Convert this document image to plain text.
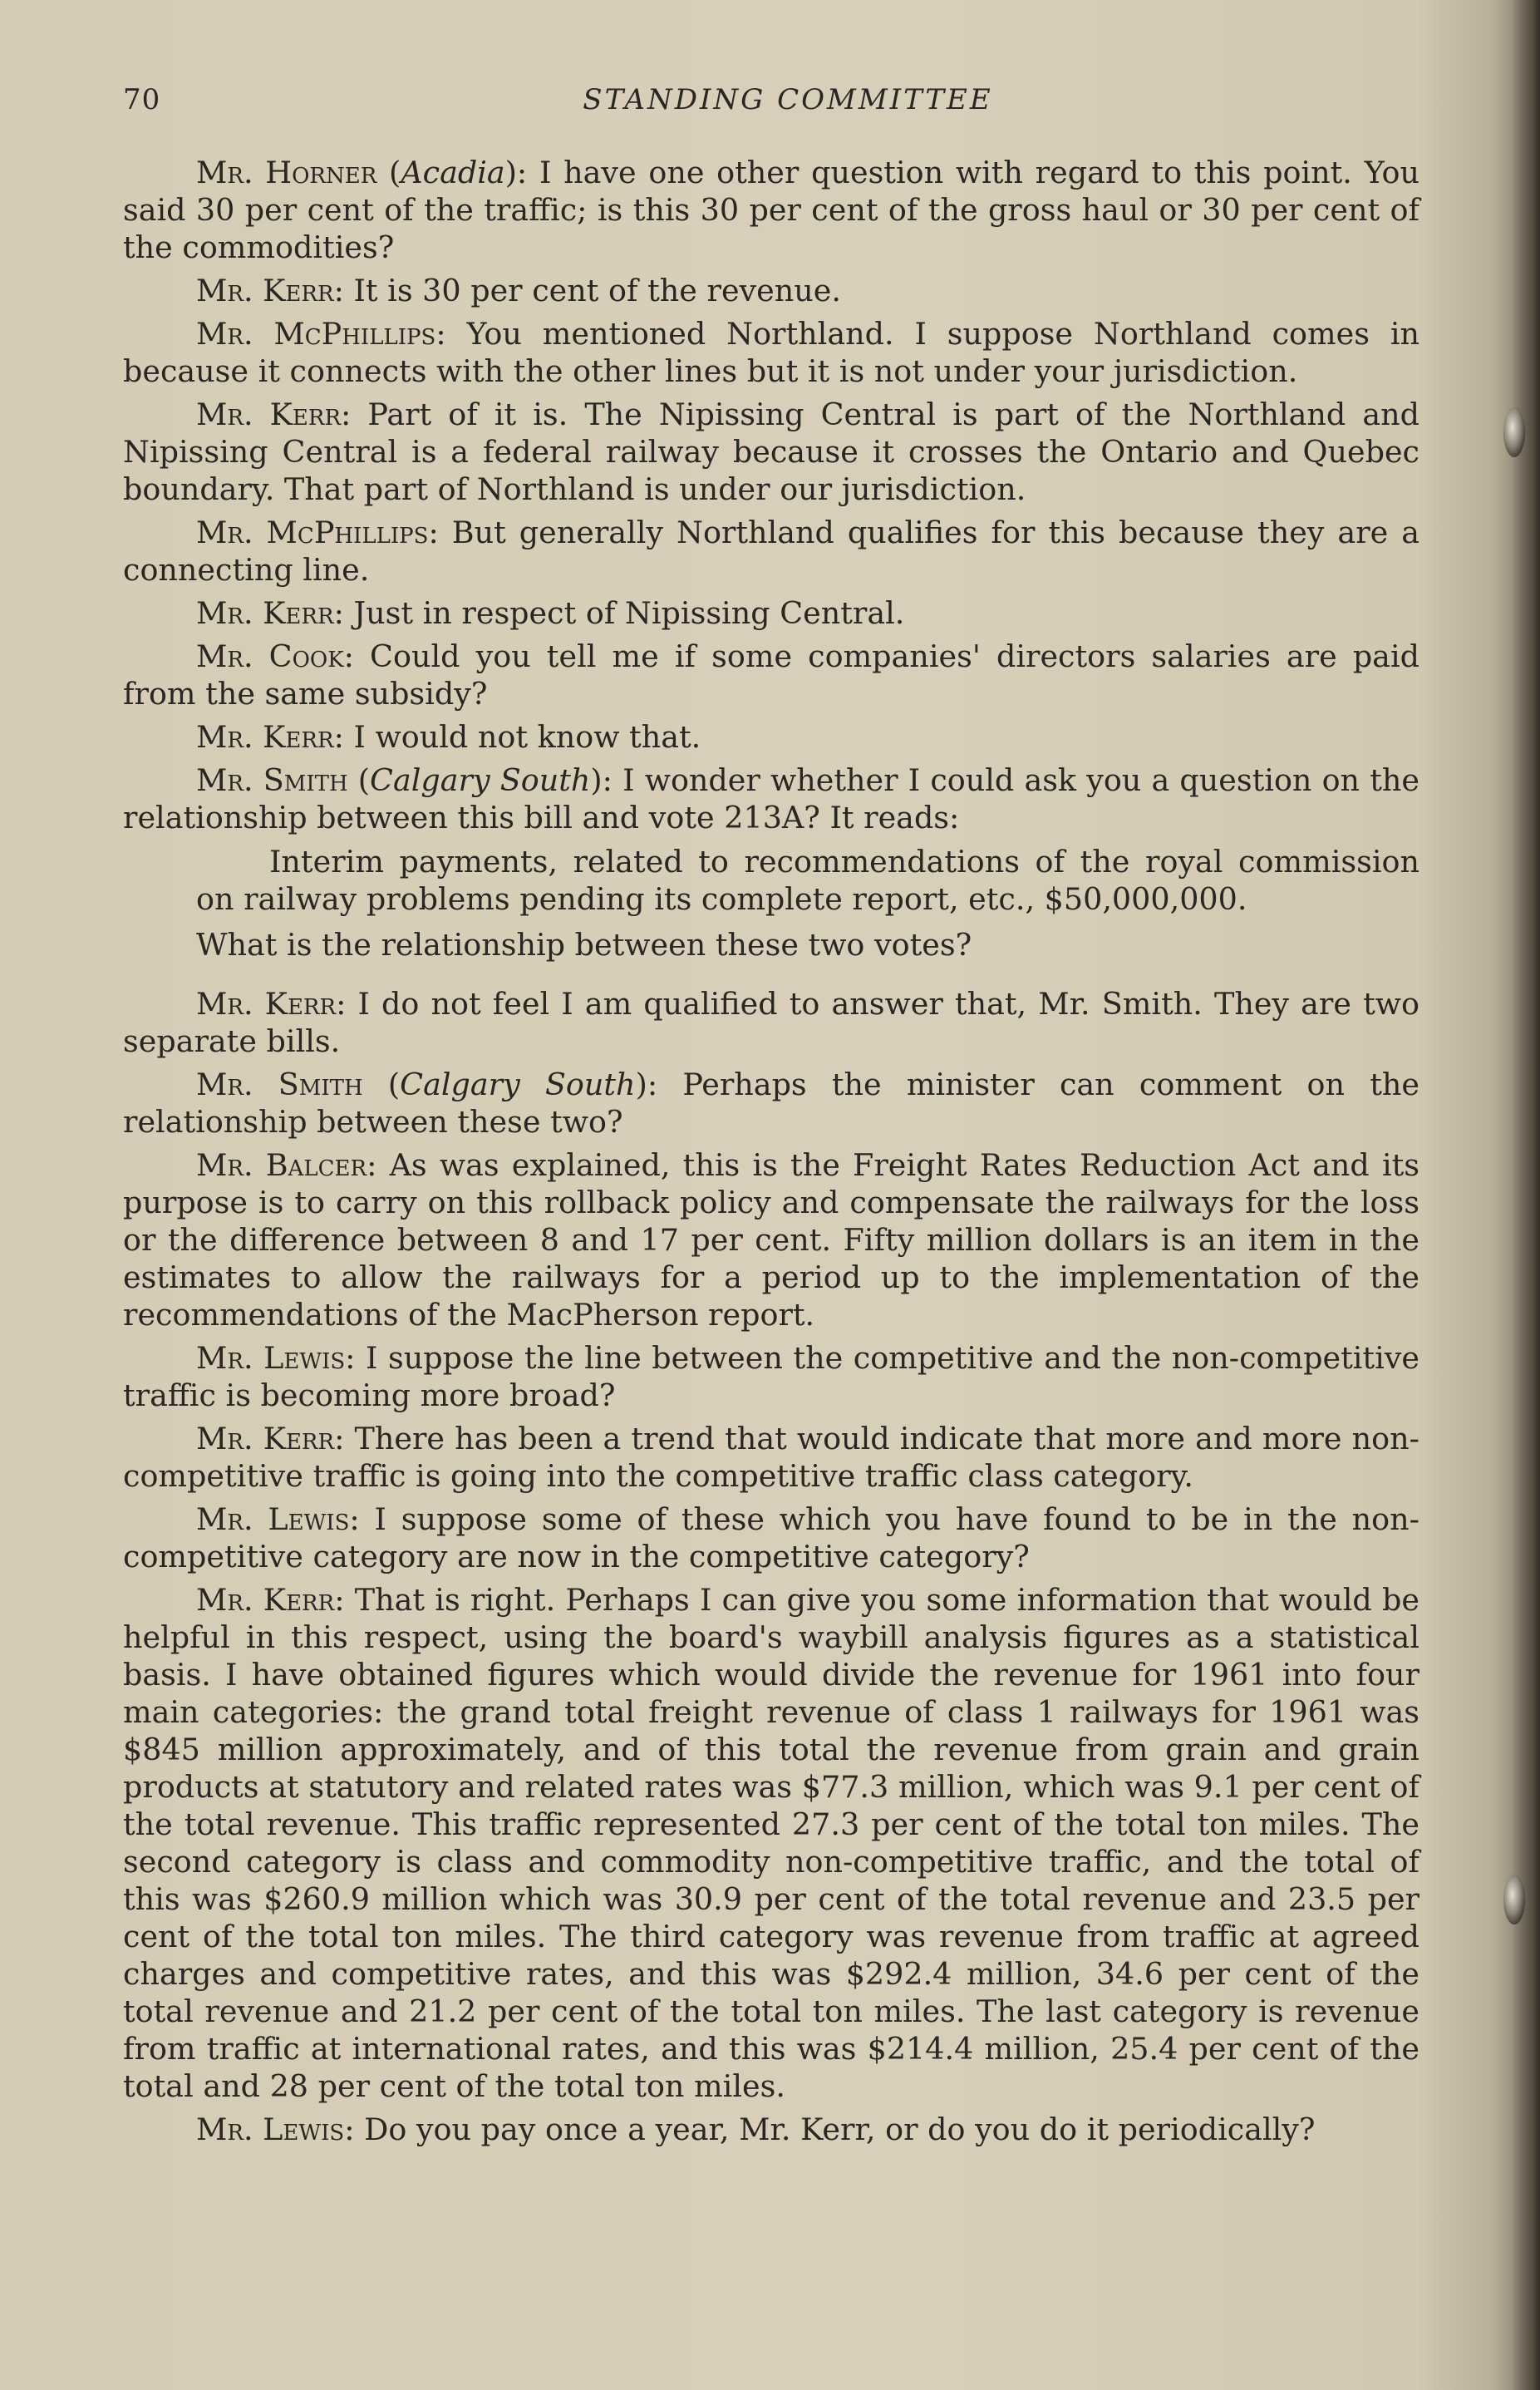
70	STANDING COMMITTEE

Mr. Horner (Acadia): I have one other question with regard to this point. You said 30 per cent of the traffic; is this 30 per cent of the gross haul or 30 per cent of the commodities?

Mr. Kerr: It is 30 per cent of the revenue.

Mr. McPhillips: You mentioned Northland. I suppose Northland comes in because it connects with the other lines but it is not under your jurisdiction.

Mr. Kerr: Part of it is. The Nipissing Central is part of the Northland and Nipissing Central is a federal railway because it crosses the Ontario and Quebec boundary. That part of Northland is under our jurisdiction.

Mr. McPhillips: But generally Northland qualifies for this because they are a connecting line.

Mr. Kerr: Just in respect of Nipissing Central.

Mr. Cook: Could you tell me if some companies' directors salaries are paid from the same subsidy?

Mr. Kerr: I would not know that.

Mr. Smith (Calgary South): I wonder whether I could ask you a question on the relationship between this bill and vote 213A? It reads:

Interim payments, related to recommendations of the royal commission on railway problems pending its complete report, etc., $50,000,000.

What is the relationship between these two votes?

Mr. Kerr: I do not feel I am qualified to answer that, Mr. Smith. They are two separate bills.

Mr. Smith (Calgary South): Perhaps the minister can comment on the relationship between these two?

Mr. Balcer: As was explained, this is the Freight Rates Reduction Act and its purpose is to carry on this rollback policy and compensate the railways for the loss or the difference between 8 and 17 per cent. Fifty million dollars is an item in the estimates to allow the railways for a period up to the implementation of the recommendations of the MacPherson report.

Mr. Lewis: I suppose the line between the competitive and the non-competitive traffic is becoming more broad?

Mr. Kerr: There has been a trend that would indicate that more and more non-competitive traffic is going into the competitive traffic class category.

Mr. Lewis: I suppose some of these which you have found to be in the non-competitive category are now in the competitive category?

Mr. Kerr: That is right. Perhaps I can give you some information that would be helpful in this respect, using the board's waybill analysis figures as a statistical basis. I have obtained figures which would divide the revenue for 1961 into four main categories: the grand total freight revenue of class 1 railways for 1961 was $845 million approximately, and of this total the revenue from grain and grain products at statutory and related rates was $77.3 million, which was 9.1 per cent of the total revenue. This traffic represented 27.3 per cent of the total ton miles. The second category is class and commodity non-competitive traffic, and the total of this was $260.9 million which was 30.9 per cent of the total revenue and 23.5 per cent of the total ton miles. The third category was revenue from traffic at agreed charges and competitive rates, and this was $292.4 million, 34.6 per cent of the total revenue and 21.2 per cent of the total ton miles. The last category is revenue from traffic at international rates, and this was $214.4 million, 25.4 per cent of the total and 28 per cent of the total ton miles.

Mr. Lewis: Do you pay once a year, Mr. Kerr, or do you do it periodically?
